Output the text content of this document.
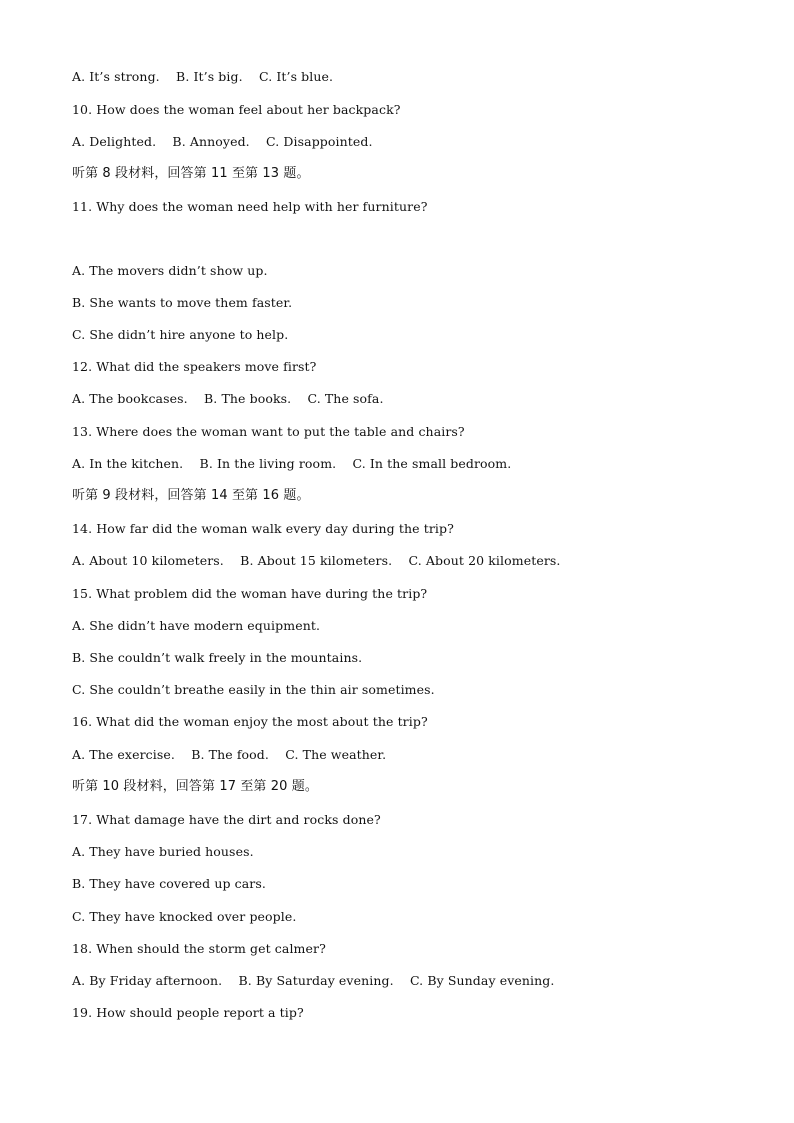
A. It’s strong.    B. It’s big.    C. It’s blue.

10. How does the woman feel about her backpack?

A. Delighted.    B. Annoyed.    C. Disappointed.

听第 8 段材料，回答第 11 至第 13 题。

11. Why does the woman need help with her furniture?

A. The movers didn’t show up.

B. She wants to move them faster.

C. She didn’t hire anyone to help.

12. What did the speakers move first?

A. The bookcases.    B. The books.    C. The sofa.

13. Where does the woman want to put the table and chairs?

A. In the kitchen.    B. In the living room.    C. In the small bedroom.

听第 9 段材料，回答第 14 至第 16 题。

14. How far did the woman walk every day during the trip?

A. About 10 kilometers.    B. About 15 kilometers.    C. About 20 kilometers.

15. What problem did the woman have during the trip?

A. She didn’t have modern equipment.

B. She couldn’t walk freely in the mountains.

C. She couldn’t breathe easily in the thin air sometimes.

16. What did the woman enjoy the most about the trip?

A. The exercise.    B. The food.    C. The weather.

听第 10 段材料，回答第 17 至第 20 题。

17. What damage have the dirt and rocks done?

A. They have buried houses.

B. They have covered up cars.

C. They have knocked over people.

18. When should the storm get calmer?

A. By Friday afternoon.    B. By Saturday evening.    C. By Sunday evening.

19. How should people report a tip?
